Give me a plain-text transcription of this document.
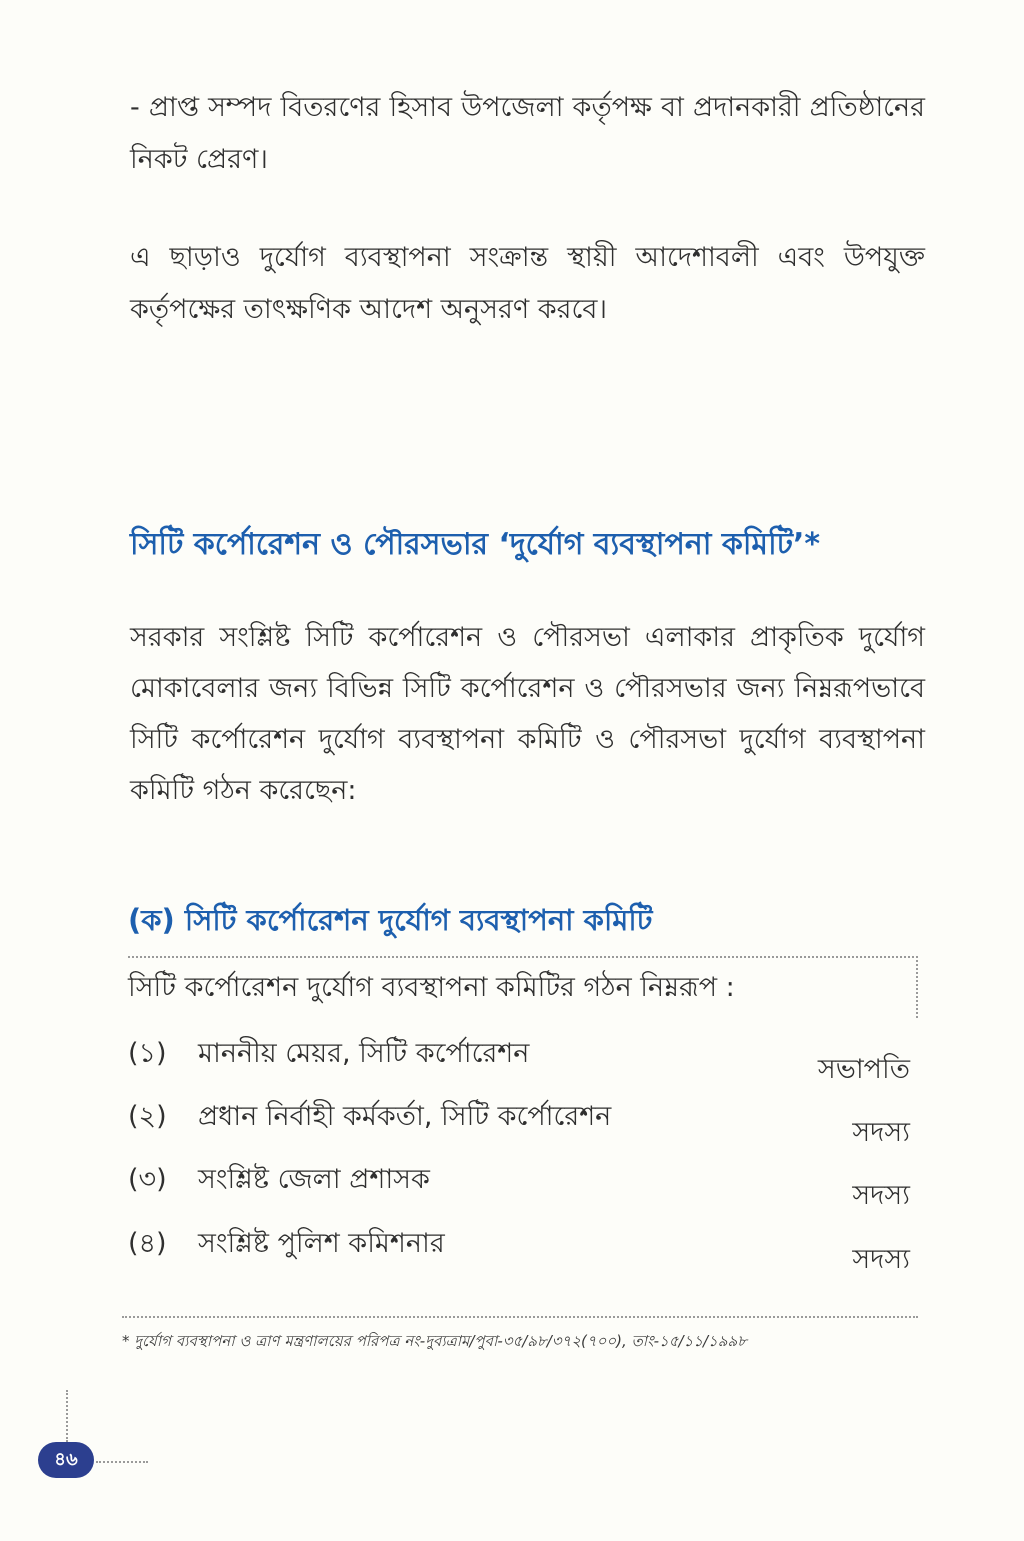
- প্রাপ্ত সম্পদ বিতরণের হিসাব উপজেলা কর্তৃপক্ষ বা প্রদানকারী প্রতিষ্ঠানের নিকট প্রেরণ।
এ ছাড়াও দুর্যোগ ব্যবস্থাপনা সংক্রান্ত স্থায়ী আদেশাবলী এবং উপযুক্ত কর্তৃপক্ষের তাৎক্ষণিক আদেশ অনুসরণ করবে।
সিটি কর্পোরেশন ও পৌরসভার ‘দুর্যোগ ব্যবস্থাপনা কমিটি’*
সরকার সংশ্লিষ্ট সিটি কর্পোরেশন ও পৌরসভা এলাকার প্রাকৃতিক দুর্যোগ মোকাবেলার জন্য বিভিন্ন সিটি কর্পোরেশন ও পৌরসভার জন্য নিম্নরূপভাবে সিটি কর্পোরেশন দুর্যোগ ব্যবস্থাপনা কমিটি ও পৌরসভা দুর্যোগ ব্যবস্থাপনা কমিটি গঠন করেছেন:
(ক) সিটি কর্পোরেশন দুর্যোগ ব্যবস্থাপনা কমিটি
সিটি কর্পোরেশন দুর্যোগ ব্যবস্থাপনা কমিটির গঠন নিম্নরূপ :
(১) মাননীয় মেয়র, সিটি কর্পোরেশন
সভাপতি
(২) প্রধান নির্বাহী কর্মকর্তা, সিটি কর্পোরেশন
সদস্য
(৩) সংশ্লিষ্ট জেলা প্রশাসক
সদস্য
(৪) সংশ্লিষ্ট পুলিশ কমিশনার
সদস্য
* দুর্যোগ ব্যবস্থাপনা ও ত্রাণ মন্ত্রণালয়ের পরিপত্র নং-দুব্যত্রাম/পুবা-৩৫/৯৮/৩৭২(৭০০), তাং-১৫/১১/১৯৯৮
৪৬
